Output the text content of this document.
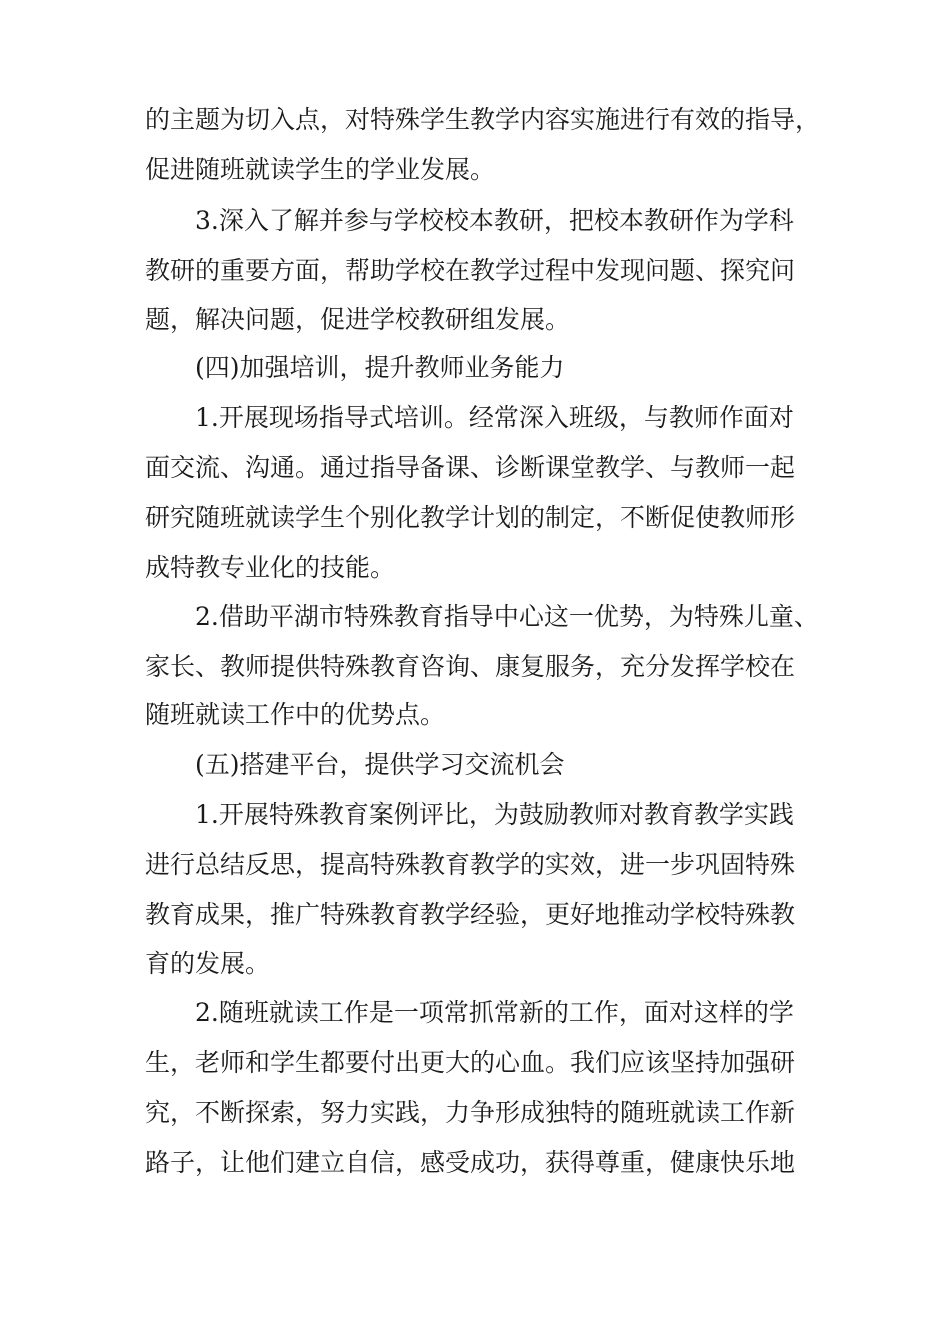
的主题为切入点，对特殊学生教学内容实施进行有效的指导，
促进随班就读学生的学业发展。
3.深入了解并参与学校校本教研，把校本教研作为学科
教研的重要方面，帮助学校在教学过程中发现问题、探究问
题，解决问题，促进学校教研组发展。
(四)加强培训，提升教师业务能力
1.开展现场指导式培训。经常深入班级，与教师作面对
面交流、沟通。通过指导备课、诊断课堂教学、与教师一起
研究随班就读学生个别化教学计划的制定，不断促使教师形
成特教专业化的技能。
2.借助平湖市特殊教育指导中心这一优势，为特殊儿童、
家长、教师提供特殊教育咨询、康复服务，充分发挥学校在
随班就读工作中的优势点。
(五)搭建平台，提供学习交流机会
1.开展特殊教育案例评比，为鼓励教师对教育教学实践
进行总结反思，提高特殊教育教学的实效，进一步巩固特殊
教育成果，推广特殊教育教学经验，更好地推动学校特殊教
育的发展。
2.随班就读工作是一项常抓常新的工作，面对这样的学
生，老师和学生都要付出更大的心血。我们应该坚持加强研
究，不断探索，努力实践，力争形成独特的随班就读工作新
路子，让他们建立自信，感受成功，获得尊重，健康快乐地
